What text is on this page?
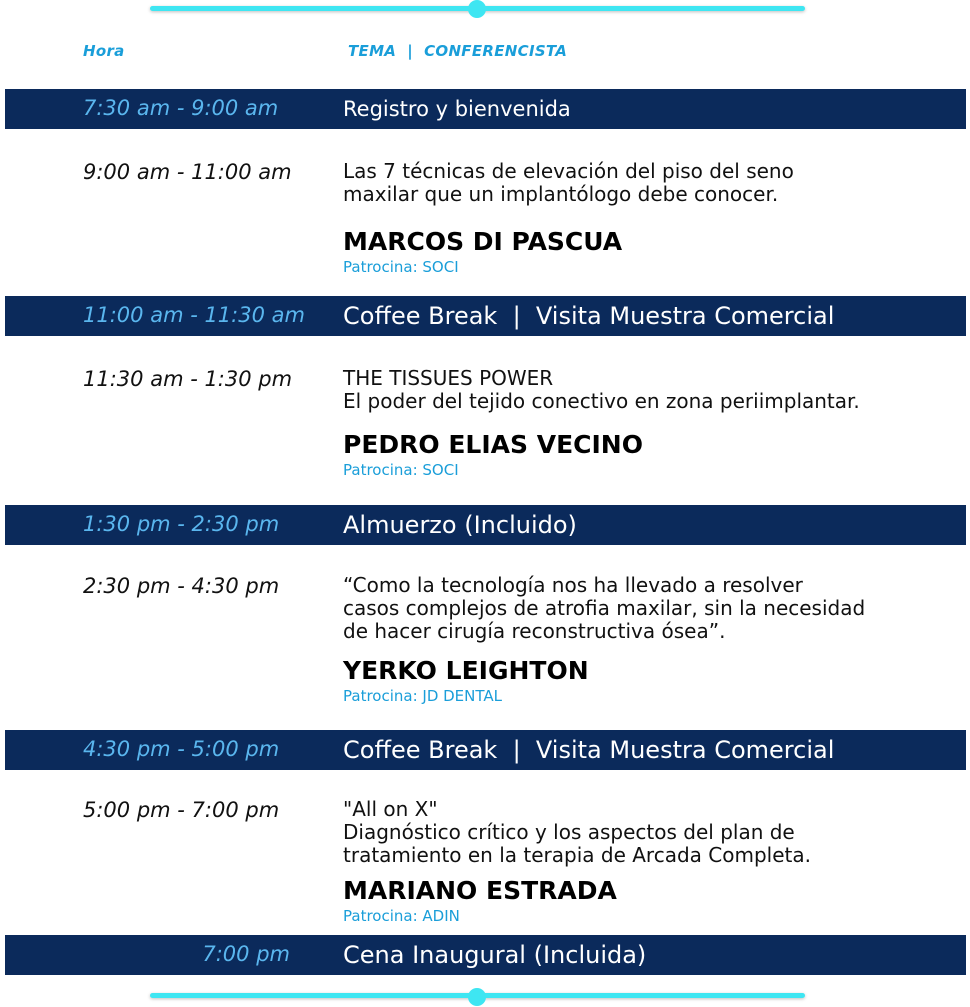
Hora	TEMA  |  CONFERENCISTA
7:30 am - 9:00 am	Registro y bienvenida
9:00 am - 11:00 am	Las 7 técnicas de elevación del piso del seno
maxilar que un implantólogo debe conocer.
MARCOS DI PASCUA
Patrocina: SOCI
11:00 am - 11:30 am Coffee Break  |  Visita Muestra Comercial
11:30 am - 1:30 pm	THE TISSUES POWER
El poder del tejido conectivo en zona periimplantar.
PEDRO ELIAS VECINO
Patrocina: SOCI
1:30 pm - 2:30 pm	Almuerzo (Incluido)
2:30 pm - 4:30 pm	“Como la tecnología nos ha llevado a resolver
casos complejos de atrofia maxilar, sin la necesidad
de hacer cirugía reconstructiva ósea”.
YERKO LEIGHTON
Patrocina: JD DENTAL
4:30 pm - 5:00 pm	Coffee Break  |  Visita Muestra Comercial
5:00 pm - 7:00 pm	"All on X"
Diagnóstico crítico y los aspectos del plan de
tratamiento en la terapia de Arcada Completa.
MARIANO ESTRADA
Patrocina: ADIN
7:00 pm Cena Inaugural (Incluida)
